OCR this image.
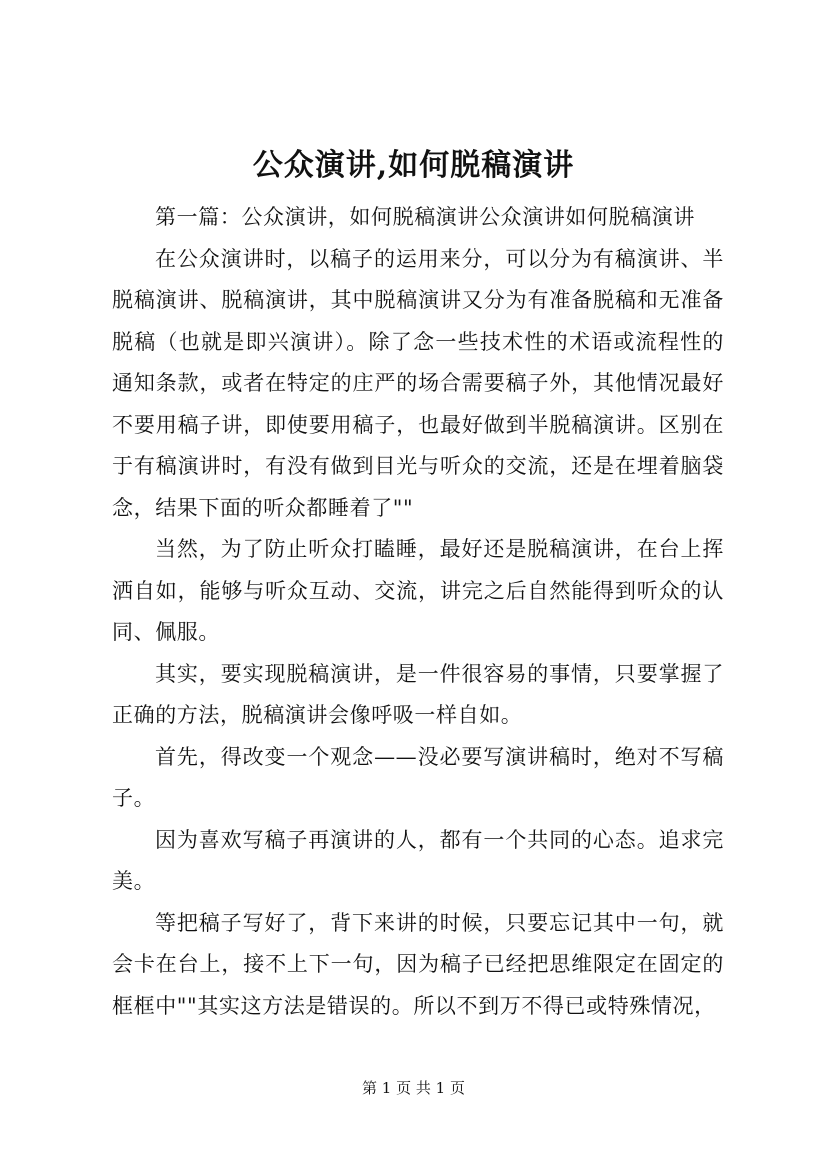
公众演讲,如何脱稿演讲

第一篇：公众演讲，如何脱稿演讲公众演讲如何脱稿演讲

在公众演讲时，以稿子的运用来分，可以分为有稿演讲、半脱稿演讲、脱稿演讲，其中脱稿演讲又分为有准备脱稿和无准备脱稿（也就是即兴演讲）。除了念一些技术性的术语或流程性的通知条款，或者在特定的庄严的场合需要稿子外，其他情况最好不要用稿子讲，即使要用稿子，也最好做到半脱稿演讲。区别在于有稿演讲时，有没有做到目光与听众的交流，还是在埋着脑袋念，结果下面的听众都睡着了""

当然，为了防止听众打瞌睡，最好还是脱稿演讲，在台上挥洒自如，能够与听众互动、交流，讲完之后自然能得到听众的认同、佩服。

其实，要实现脱稿演讲，是一件很容易的事情，只要掌握了正确的方法，脱稿演讲会像呼吸一样自如。

首先，得改变一个观念——没必要写演讲稿时，绝对不写稿子。

因为喜欢写稿子再演讲的人，都有一个共同的心态。追求完美。

等把稿子写好了，背下来讲的时候，只要忘记其中一句，就会卡在台上，接不上下一句，因为稿子已经把思维限定在固定的框框中""其实这方法是错误的。所以不到万不得已或特殊情况，

第 1 页 共 1 页
